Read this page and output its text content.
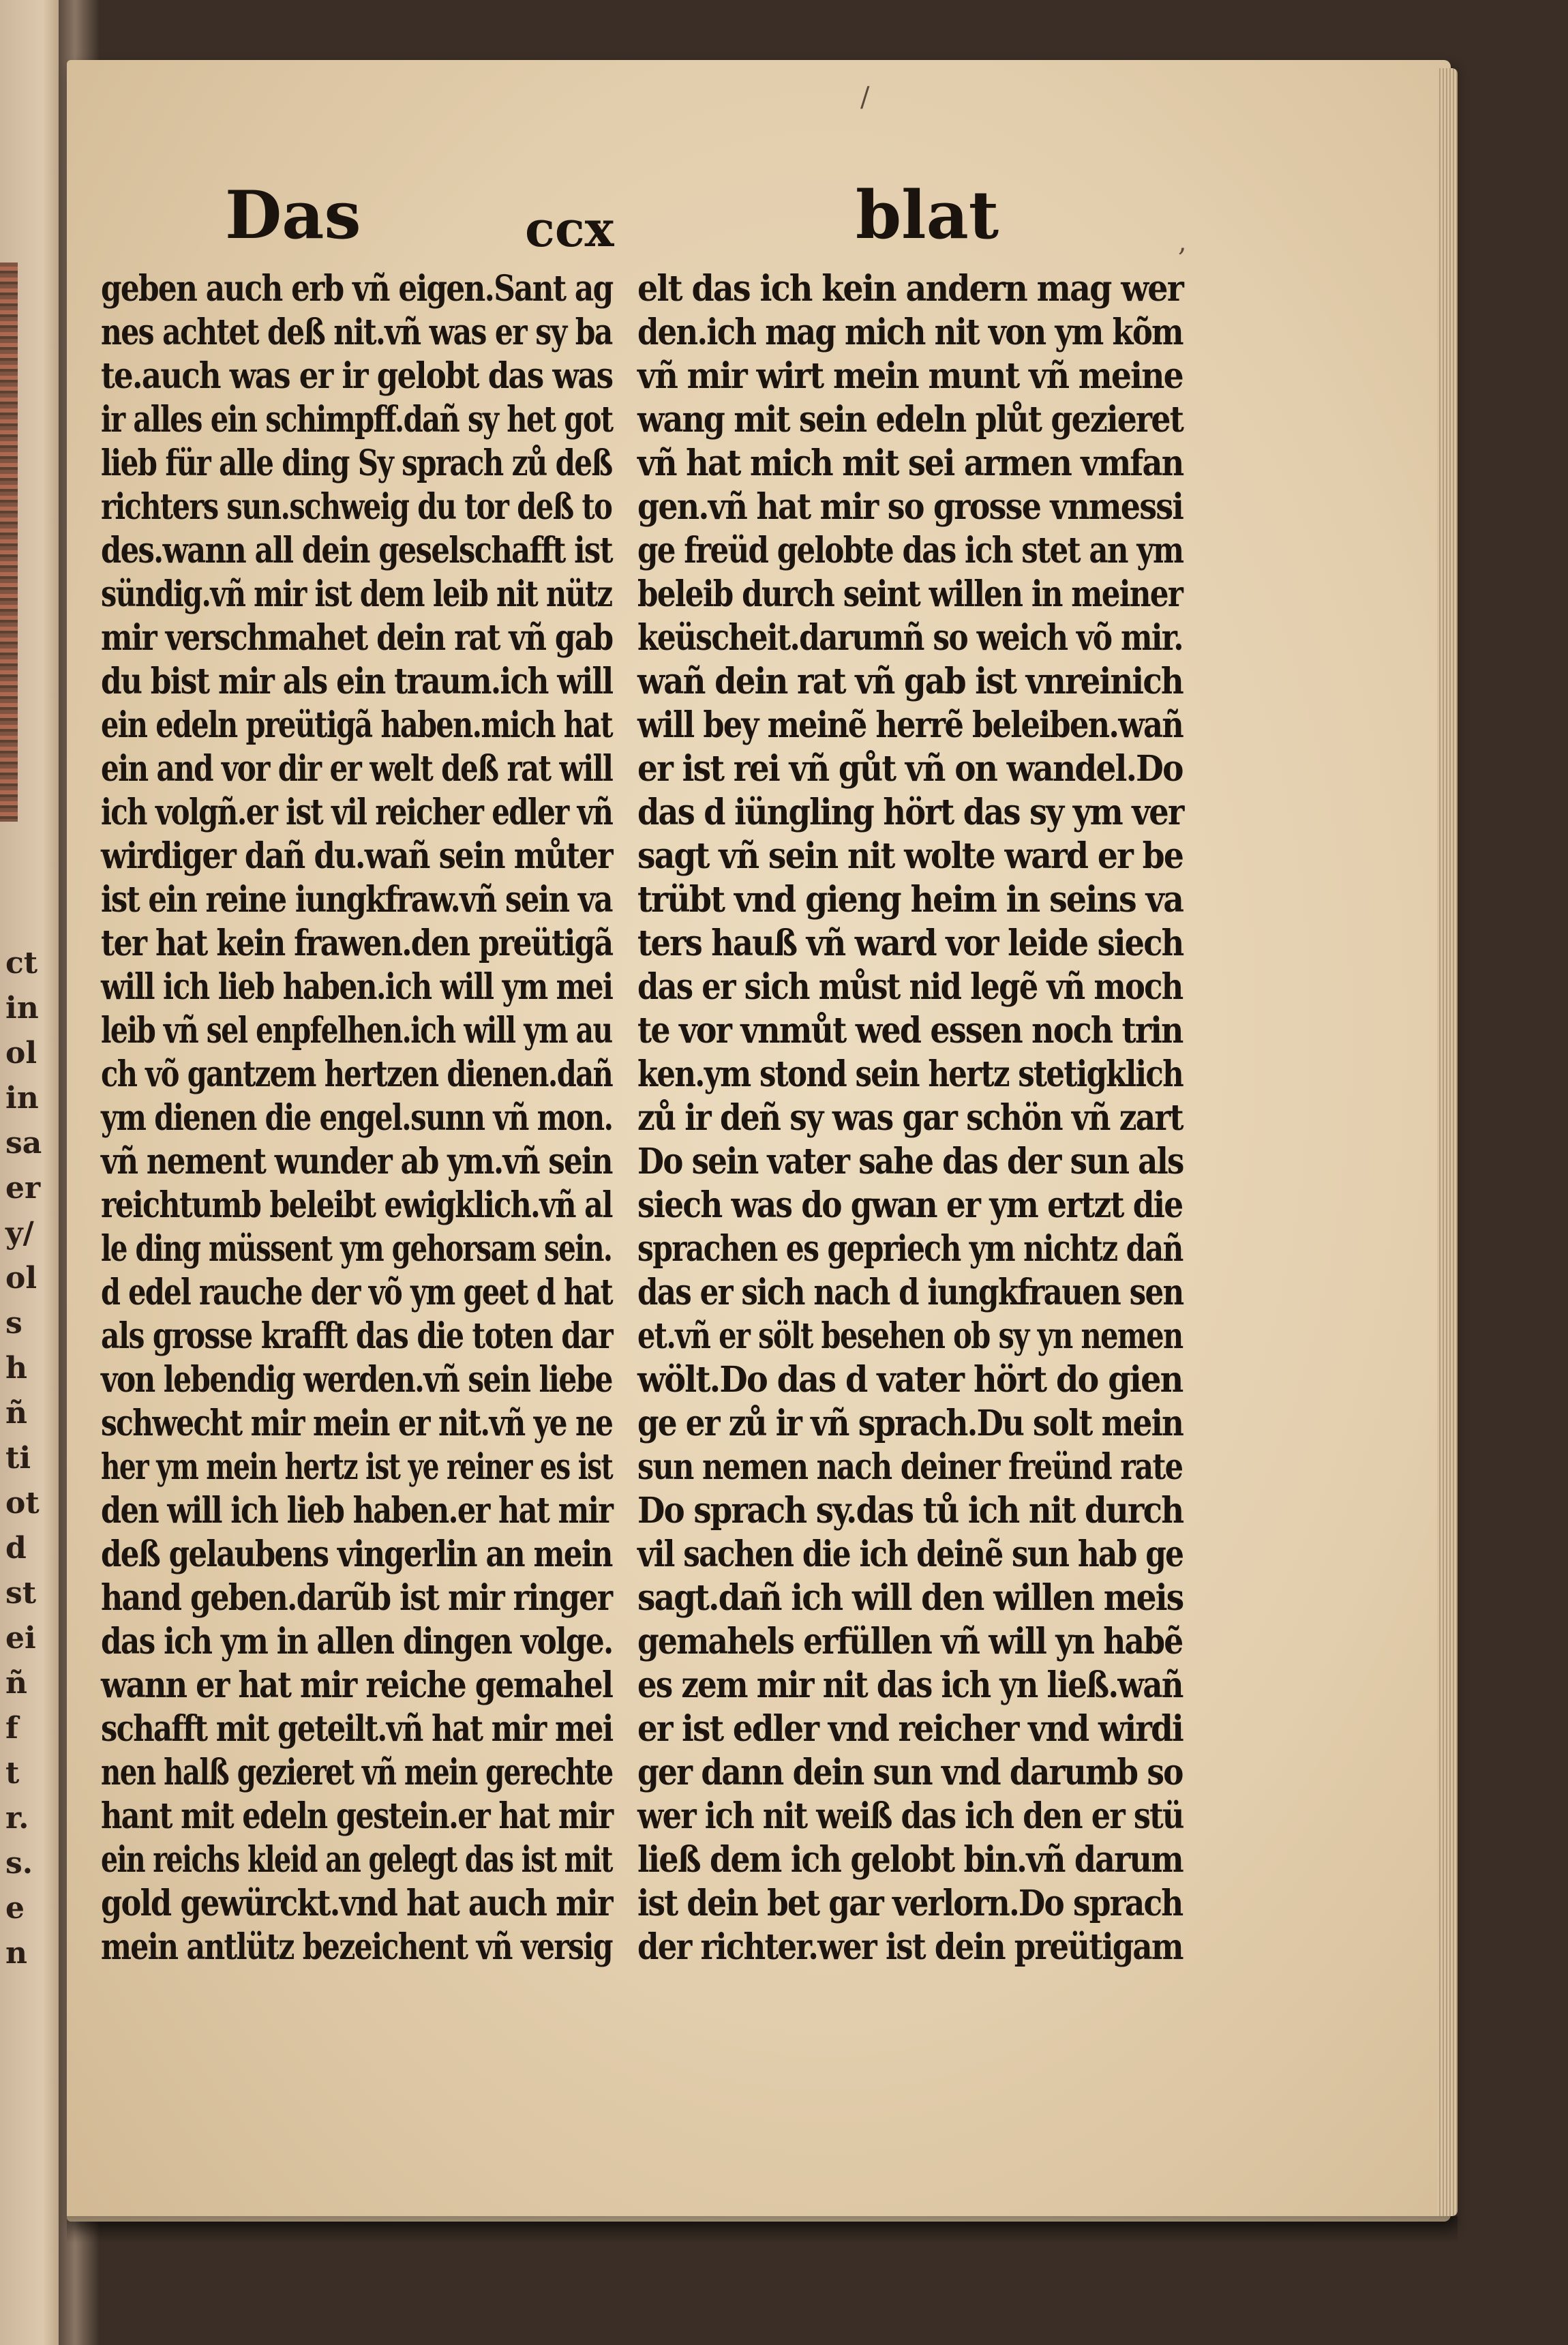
ct
in
ol
in
sa
er
y/
ol
s
h
ñ
ti
ot
d
st
ei
ñ
f
t
r.
s.
e
n
Das	ccx	blat
/
,
geben auch erb vñ eigen.Sant ag
nes achtet deß nit.vñ was er sy ba
te.auch was er ir gelobt das was
ir alles ein schimpff.dañ sy het got
lieb für alle ding Sy sprach zů deß
richters sun.schweig du tor deß to
des.wann all dein geselschafft ist
sündig.vñ mir ist dem leib nit nütz
mir verschmahet dein rat vñ gab
du bist mir als ein traum.ich will
ein edeln preütigã haben.mich hat
ein and vor dir er welt deß rat will
ich volgñ.er ist vil reicher edler vñ
wirdiger dañ du.wañ sein můter
ist ein reine iungkfraw.vñ sein va
ter hat kein frawen.den preütigã
will ich lieb haben.ich will ym mei
leib vñ sel enpfelhen.ich will ym au
ch võ gantzem hertzen dienen.dañ
ym dienen die engel.sunn vñ mon.
vñ nement wunder ab ym.vñ sein
reichtumb beleibt ewigklich.vñ al
le ding müssent ym gehorsam sein.
d edel rauche der võ ym geet d hat
als grosse krafft das die toten dar
von lebendig werden.vñ sein liebe
schwecht mir mein er nit.vñ ye ne
her ym mein hertz ist ye reiner es ist
den will ich lieb haben.er hat mir
deß gelaubens vingerlin an mein
hand geben.darũb ist mir ringer
das ich ym in allen dingen volge.
wann er hat mir reiche gemahel
schafft mit geteilt.vñ hat mir mei
nen halß gezieret vñ mein gerechte
hant mit edeln gestein.er hat mir
ein reichs kleid an gelegt das ist mit
gold gewürckt.vnd hat auch mir
mein antlütz bezeichent vñ versig
elt das ich kein andern mag wer
den.ich mag mich nit von ym kõm
vñ mir wirt mein munt vñ meine
wang mit sein edeln plůt gezieret
vñ hat mich mit sei armen vmfan
gen.vñ hat mir so grosse vnmessi
ge freüd gelobte das ich stet an ym
beleib durch seint willen in meiner
keüscheit.darumñ so weich võ mir.
wañ dein rat vñ gab ist vnreinich
will bey meinẽ herrẽ beleiben.wañ
er ist rei vñ gůt vñ on wandel.Do
das d iüngling hört das sy ym ver
sagt vñ sein nit wolte ward er be
trübt vnd gieng heim in seins va
ters hauß vñ ward vor leide siech
das er sich můst nid legẽ vñ moch
te vor vnmůt wed essen noch trin
ken.ym stond sein hertz stetigklich
zů ir deñ sy was gar schön vñ zart
Do sein vater sahe das der sun als
siech was do gwan er ym ertzt die
sprachen es gepriech ym nichtz dañ
das er sich nach d iungkfrauen sen
et.vñ er sölt besehen ob sy yn nemen
wölt.Do das d vater hört do gien
ge er zů ir vñ sprach.Du solt mein
sun nemen nach deiner freünd rate
Do sprach sy.das tů ich nit durch
vil sachen die ich deinẽ sun hab ge
sagt.dañ ich will den willen meis
gemahels erfüllen vñ will yn habẽ
es zem mir nit das ich yn ließ.wañ
er ist edler vnd reicher vnd wirdi
ger dann dein sun vnd darumb so
wer ich nit weiß das ich den er stü
ließ dem ich gelobt bin.vñ darum
ist dein bet gar verlorn.Do sprach
der richter.wer ist dein preütigam
